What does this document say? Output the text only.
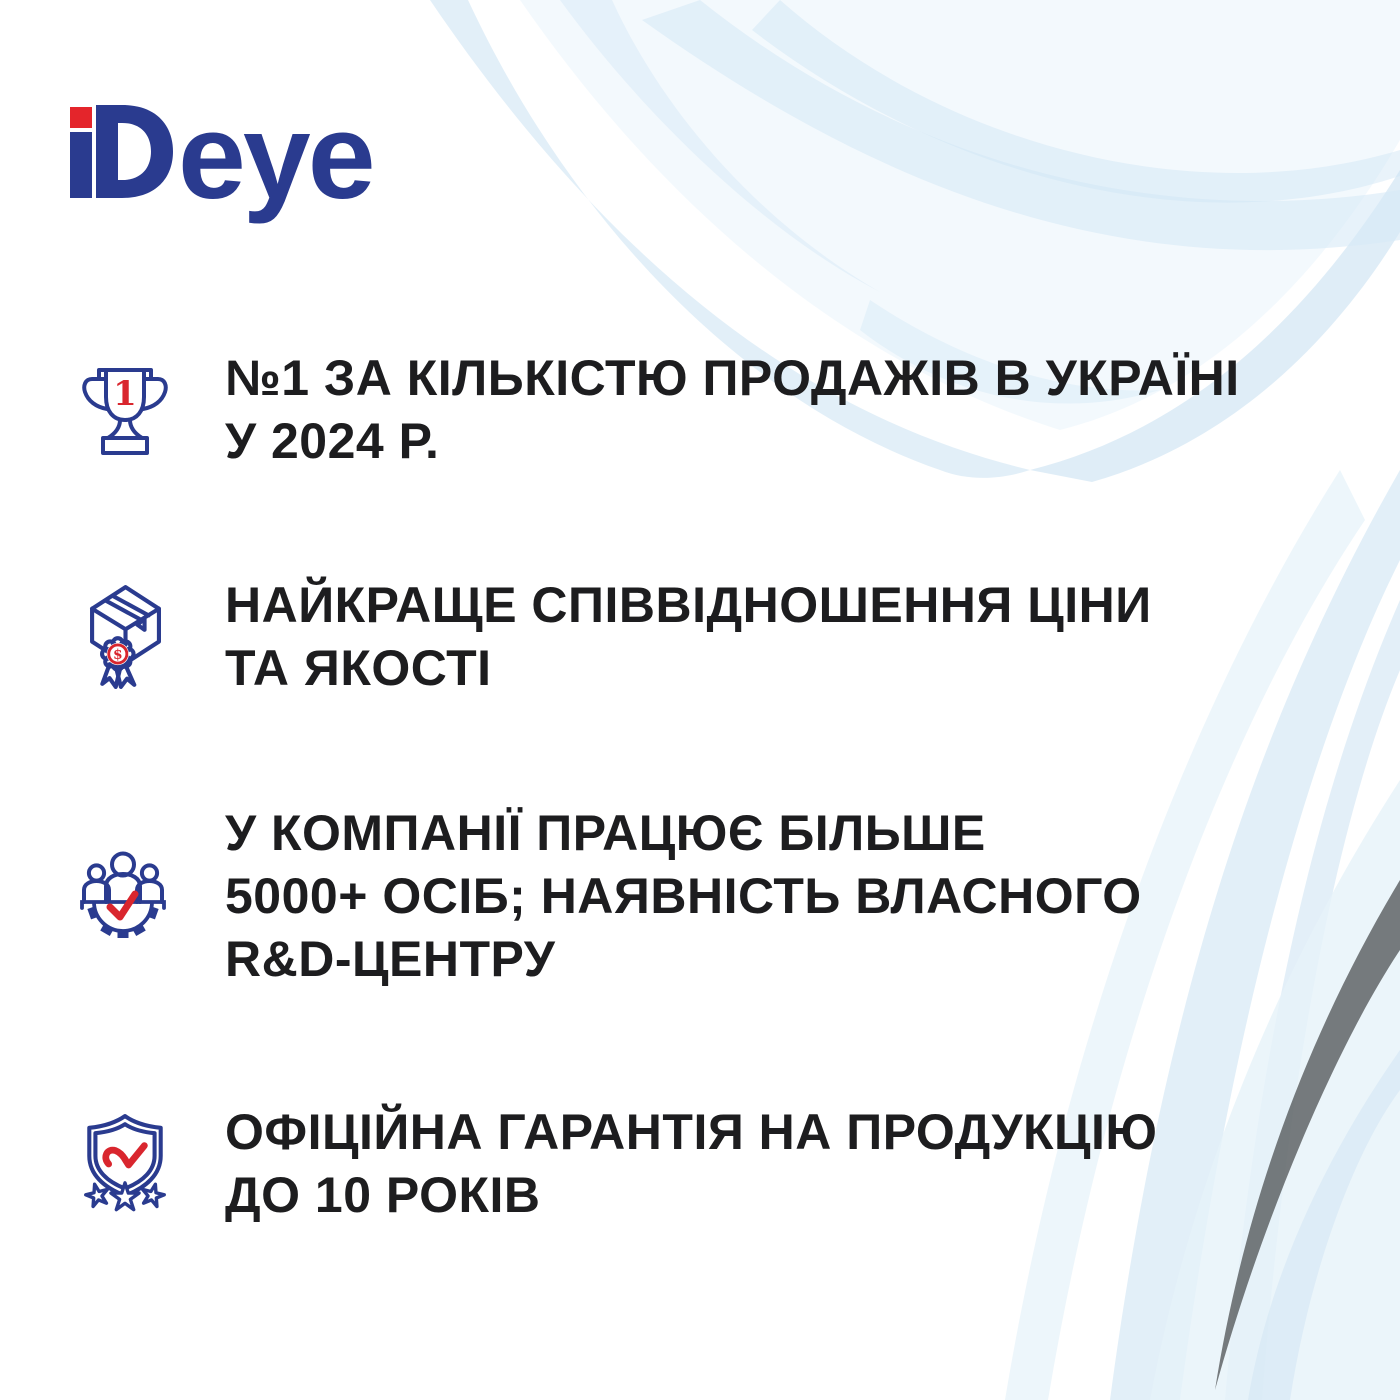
eye
1 №1 ЗА КІЛЬКІСТЮ ПРОДАЖІВ В УКРАЇНІ
У 2024 Р.
$
НАЙКРАЩЕ СПІВВІДНОШЕННЯ ЦІНИ
ТА ЯКОСТІ
У КОМПАНІЇ ПРАЦЮЄ БІЛЬШЕ
5000+ ОСІБ; НАЯВНІСТЬ ВЛАСНОГО
R&D-ЦЕНТРУ
ОФІЦІЙНА ГАРАНТІЯ НА ПРОДУКЦІЮ
ДО 10 РОКІВ
